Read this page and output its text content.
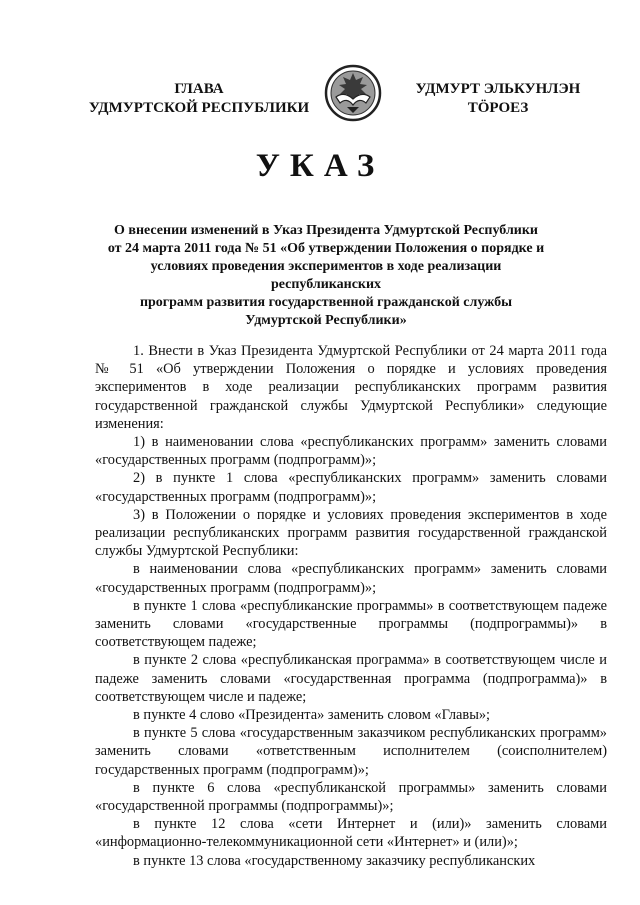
ГЛАВА
УДМУРТСКОЙ РЕСПУБЛИКИ
УДМУРТ ЭЛЬКУНЛЭН
ТӦРОЕЗ
УКАЗ
О внесении изменений в Указ Президента Удмуртской Республики
от 24 марта 2011 года № 51 «Об утверждении Положения о порядке и
условиях проведения экспериментов в ходе реализации республиканских
программ развития государственной гражданской службы
Удмуртской Республики»

1. Внести в Указ Президента Удмуртской Республики от 24 марта 2011 года № 51 «Об утверждении Положения о порядке и условиях проведения экспериментов в ходе реализации республиканских программ развития государственной гражданской службы Удмуртской Республики» следующие изменения:

1) в наименовании слова «республиканских программ» заменить словами «государственных программ (подпрограмм)»;

2) в пункте 1 слова «республиканских программ» заменить словами «государственных программ (подпрограмм)»;

3) в Положении о порядке и условиях проведения экспериментов в ходе реализации республиканских программ развития государственной гражданской службы Удмуртской Республики:

в наименовании слова «республиканских программ» заменить словами «государственных программ (подпрограмм)»;

в пункте 1 слова «республиканские программы» в соответствующем падеже заменить словами «государственные программы (подпрограммы)» в соответствующем падеже;

в пункте 2 слова «республиканская программа» в соответствующем числе и падеже заменить словами «государственная программа (подпрограмма)» в соответствующем числе и падеже;

в пункте 4 слово «Президента» заменить словом «Главы»;

в пункте 5 слова «государственным заказчиком республиканских программ» заменить словами «ответственным исполнителем (соисполнителем) государственных программ (подпрограмм)»;

в пункте 6 слова «республиканской программы» заменить словами «государственной программы (подпрограммы)»;

в пункте 12 слова «сети Интернет и (или)» заменить словами «информационно-телекоммуникационной сети «Интернет» и (или)»;

в пункте 13 слова «государственному заказчику республиканских
